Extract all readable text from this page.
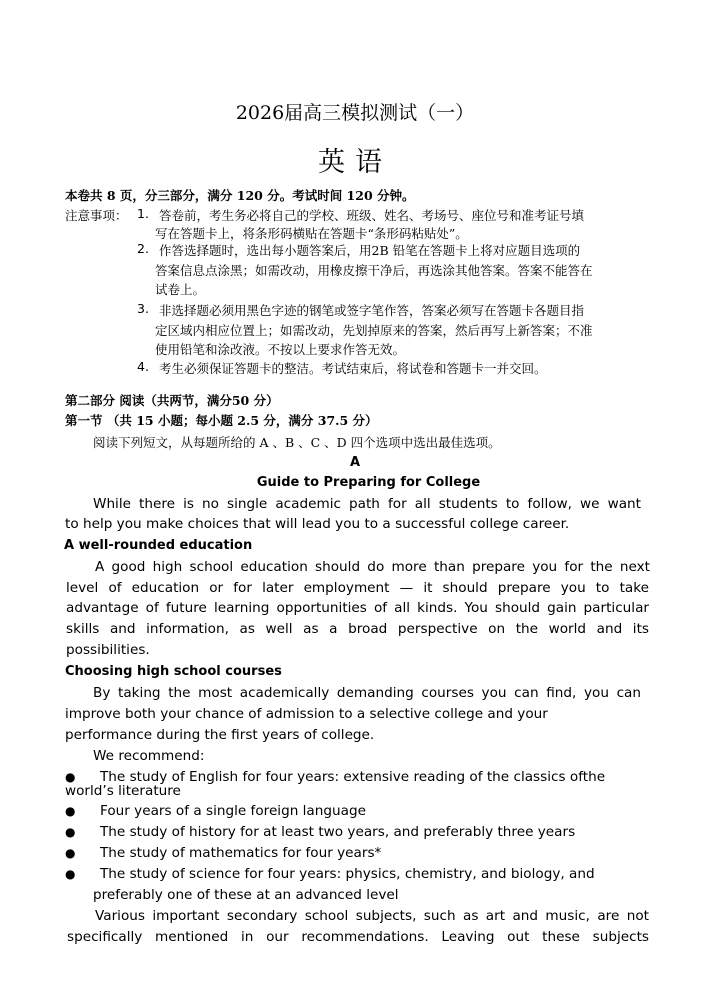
2026届高三模拟测试（一）
英语
本卷共 8 页，分三部分，满分 120 分。考试时间 120 分钟。
注意事项： 1. 答卷前，考生务必将自己的学校、班级、姓名、考场号、座位号和准考证号填
写在答题卡上，将条形码横贴在答题卡“条形码粘贴处”。
2. 作答选择题时，选出每小题答案后，用2B 铅笔在答题卡上将对应题目选项的
答案信息点涂黑；如需改动，用橡皮擦干净后，再选涂其他答案。答案不能答在
试卷上。
3. 非选择题必须用黑色字迹的钢笔或签字笔作答，答案必须写在答题卡各题目指
定区域内相应位置上；如需改动，先划掉原来的答案，然后再写上新答案；不准
使用铅笔和涂改液。不按以上要求作答无效。
4. 考生必须保证答题卡的整洁。考试结束后，将试卷和答题卡一并交回。
第二部分 阅读（共两节，满分50 分）
第一节 （共 15 小题；每小题 2.5 分，满分 37.5 分）
阅读下列短文，从每题所给的 A 、B 、C 、D 四个选项中选出最佳选项。
A
Guide to Preparing for College
While there is no single academic path for all students to follow, we want
to help you make choices that will lead you to a successful college career.
A well-rounded education
A good high school education should do more than prepare you for the next
level of education or for later employment — it should prepare you to take
advantage of future learning opportunities of all kinds. You should gain particular
skills and information, as well as a broad perspective on the world and its
possibilities.
Choosing high school courses
By taking the most academically demanding courses you can find, you can
improve both your chance of admission to a selective college and your
performance during the first years of college.
We recommend:
● The study of English for four years: extensive reading of the classics ofthe
world’s literature
● Four years of a single foreign language
● The study of history for at least two years, and preferably three years
● The study of mathematics for four years*
● The study of science for four years: physics, chemistry, and biology, and
preferably one of these at an advanced level
Various important secondary school subjects, such as art and music, are not
specifically mentioned in our recommendations. Leaving out these subjects
